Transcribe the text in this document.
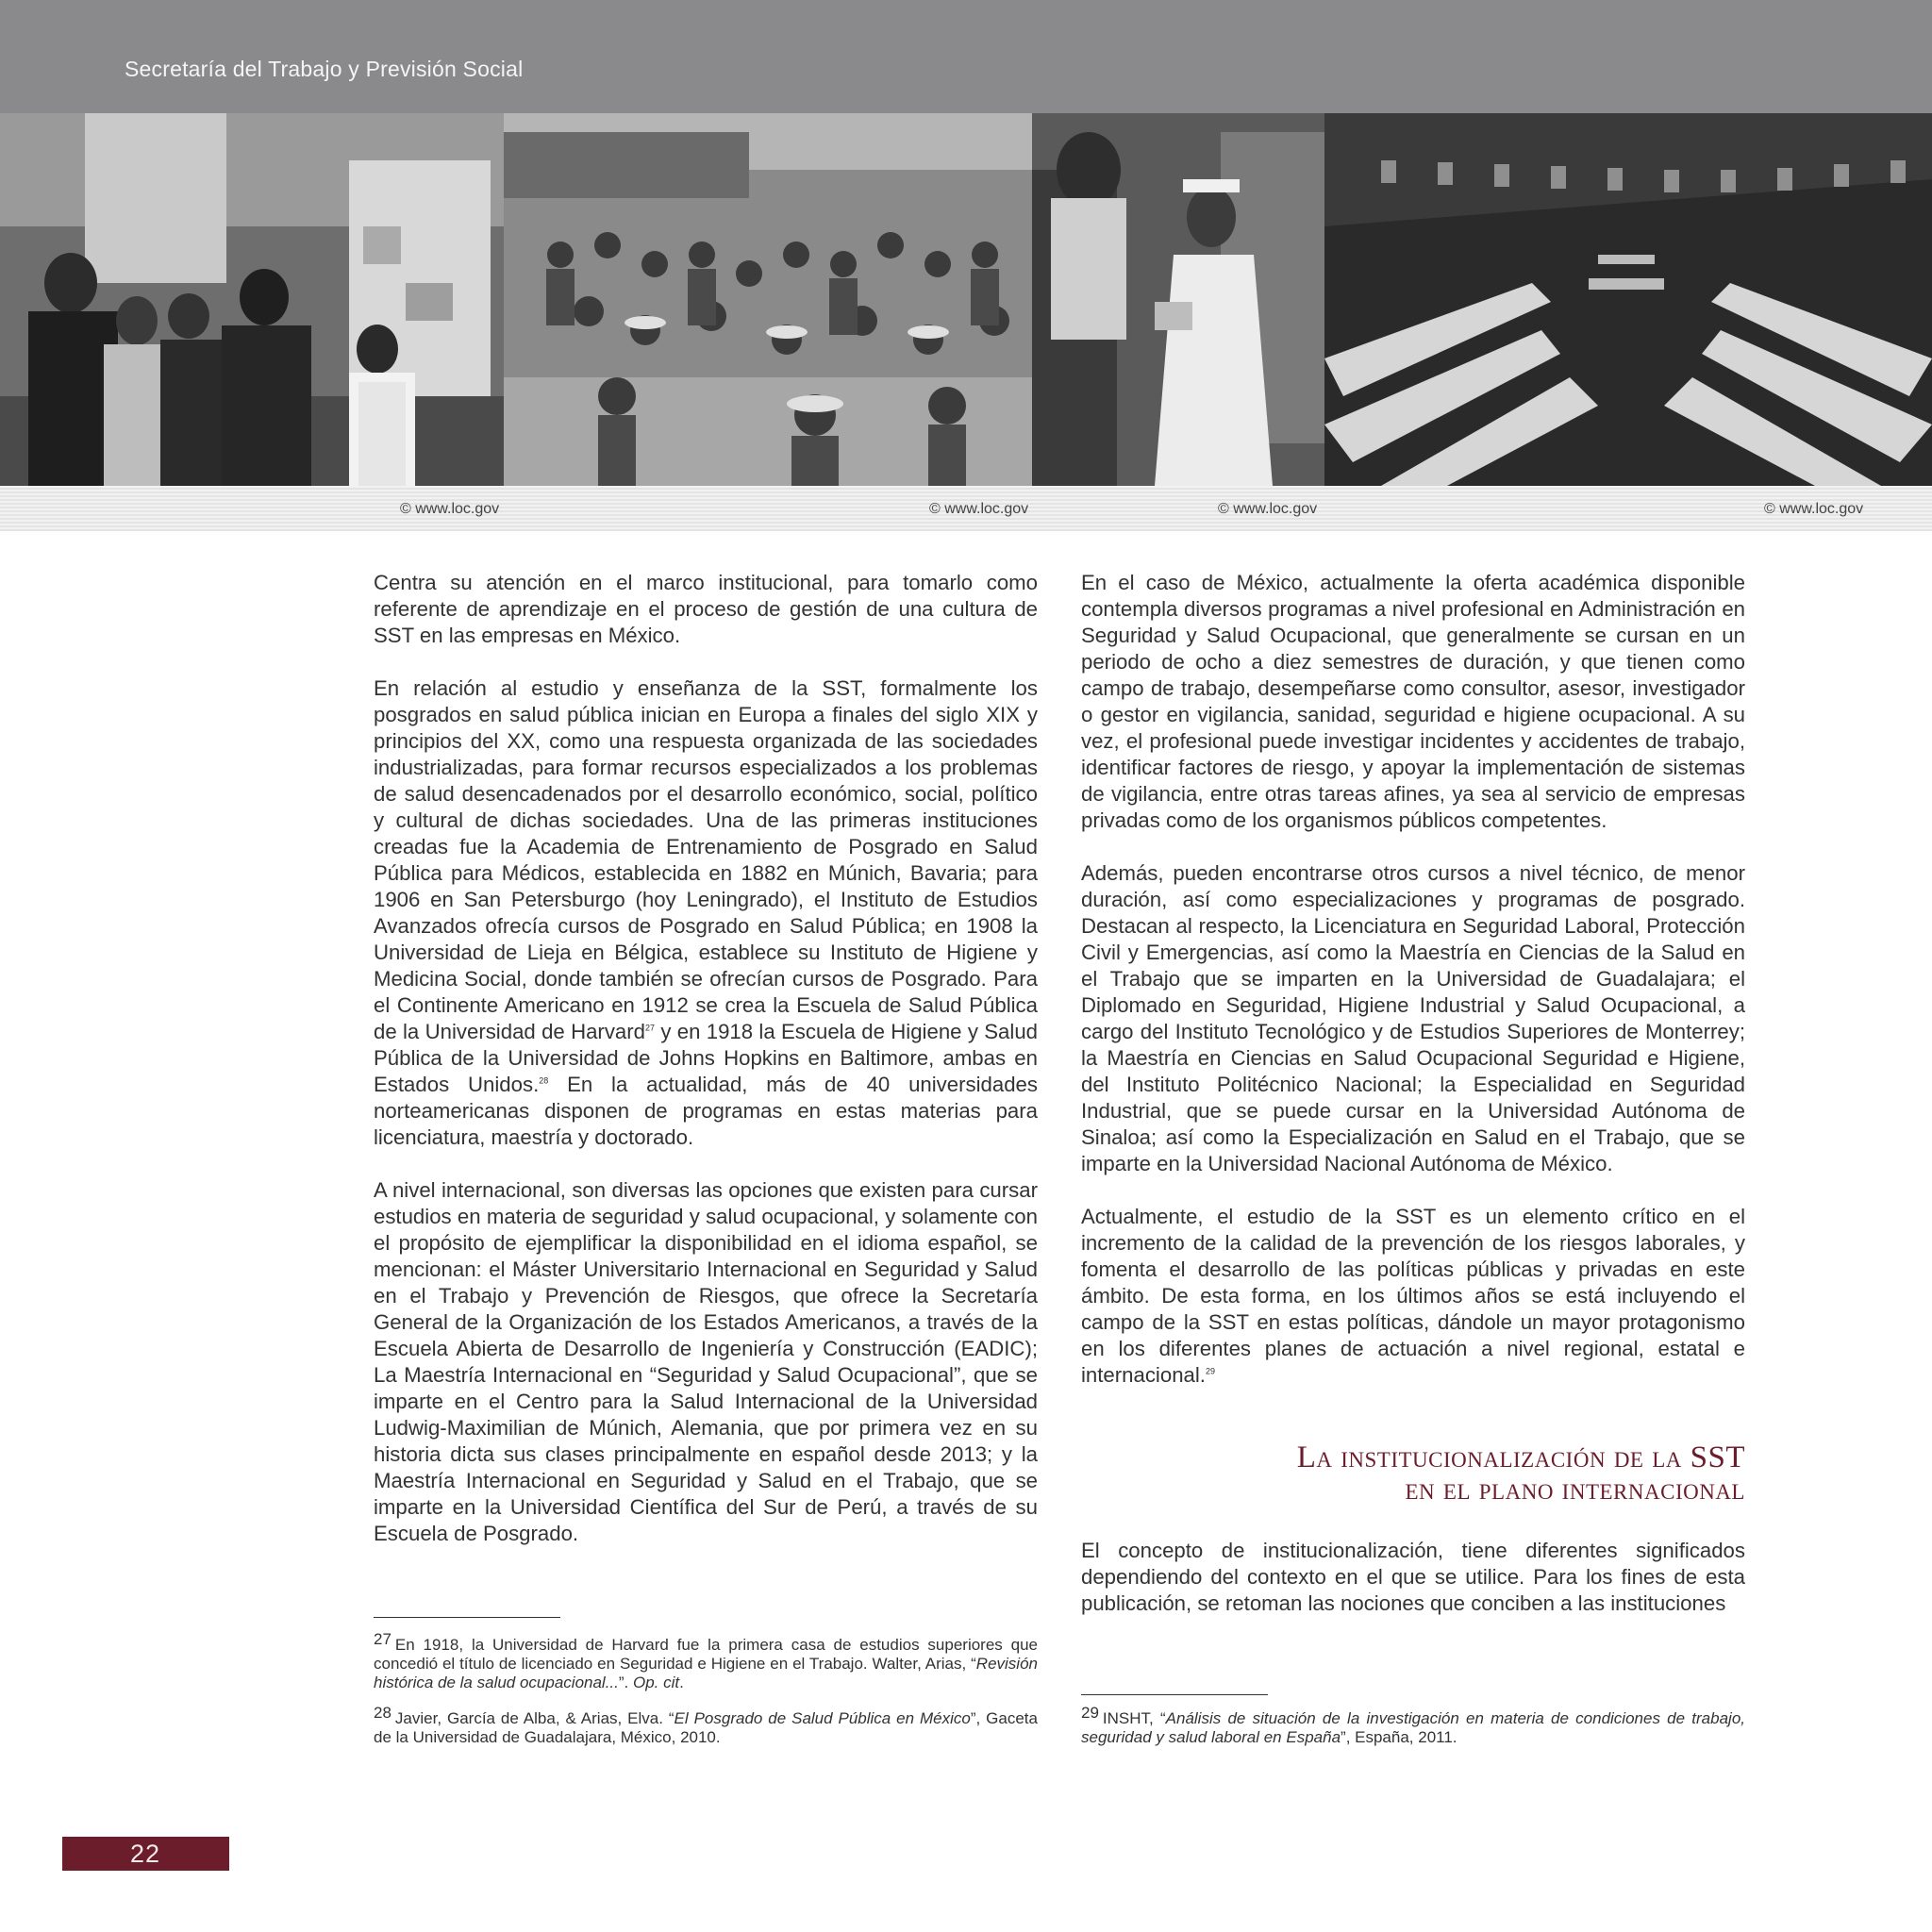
Secretaría del Trabajo y Previsión Social
© www.loc.gov	© www.loc.gov	© www.loc.gov	© www.loc.gov

Centra su atención en el marco institucional, para tomarlo como referente de aprendizaje en el proceso de gestión de una cultura de SST en las empresas en México.

En relación al estudio y enseñanza de la SST, formalmente los posgrados en salud pública inician en Europa a finales del siglo XIX y principios del XX, como una respuesta organizada de las sociedades industrializadas, para formar recursos especializados a los problemas de salud desencadenados por el desarrollo económico, social, político y cultural de dichas sociedades. Una de las primeras instituciones creadas fue la Academia de Entrenamiento de Posgrado en Salud Pública para Médicos, establecida en 1882 en Múnich, Bavaria; para 1906 en San Petersburgo (hoy Leningrado), el Instituto de Estudios Avanzados ofrecía cursos de Posgrado en Salud Pública; en 1908 la Universidad de Lieja en Bélgica, establece su Instituto de Higiene y Medicina Social, donde también se ofrecían cursos de Posgrado. Para el Continente Americano en 1912 se crea la Escuela de Salud Pública de la Universidad de Harvard$^{27}$ y en 1918 la Escuela de Higiene y Salud Pública de la Universidad de Johns Hopkins en Baltimore, ambas en Estados Unidos.$^{28}$ En la actualidad, más de 40 universidades norteamericanas disponen de programas en estas materias para licenciatura, maestría y doctorado.

A nivel internacional, son diversas las opciones que existen para cursar estudios en materia de seguridad y salud ocupacional, y solamente con el propósito de ejemplificar la disponibilidad en el idioma español, se mencionan: el Máster Universitario Internacional en Seguridad y Salud en el Trabajo y Prevención de Riesgos, que ofrece la Secretaría General de la Organización de los Estados Americanos, a través de la Escuela Abierta de Desarrollo de Ingeniería y Construcción (EADIC); La Maestría Internacional en “Seguridad y Salud Ocupacional”, que se imparte en el Centro para la Salud Internacional de la Universidad Ludwig-Maximilian de Múnich, Alemania, que por primera vez en su historia dicta sus clases principalmente en español desde 2013; y la Maestría Internacional en Seguridad y Salud en el Trabajo, que se imparte en la Universidad Científica del Sur de Perú, a través de su Escuela de Posgrado.

En el caso de México, actualmente la oferta académica disponible contempla diversos programas a nivel profesional en Administración en Seguridad y Salud Ocupacional, que generalmente se cursan en un periodo de ocho a diez semestres de duración, y que tienen como campo de trabajo, desempeñarse como consultor, asesor, investigador o gestor en vigilancia, sanidad, seguridad e higiene ocupacional. A su vez, el profesional puede investigar incidentes y accidentes de trabajo, identificar factores de riesgo, y apoyar la implementación de sistemas de vigilancia, entre otras tareas afines, ya sea al servicio de empresas privadas como de los organismos públicos competentes.

Además, pueden encontrarse otros cursos a nivel técnico, de menor duración, así como especializaciones y programas de posgrado. Destacan al respecto, la Licenciatura en Seguridad Laboral, Protección Civil y Emergencias, así como la Maestría en Ciencias de la Salud en el Trabajo que se imparten en la Universidad de Guadalajara; el Diplomado en Seguridad, Higiene Industrial y Salud Ocupacional, a cargo del Instituto Tecnológico y de Estudios Superiores de Monterrey; la Maestría en Ciencias en Salud Ocupacional Seguridad e Higiene, del Instituto Politécnico Nacional; la Especialidad en Seguridad Industrial, que se puede cursar en la Universidad Autónoma de Sinaloa; así como la Especialización en Salud en el Trabajo, que se imparte en la Universidad Nacional Autónoma de México.

Actualmente, el estudio de la SST es un elemento crítico en el incremento de la calidad de la prevención de los riesgos laborales, y fomenta el desarrollo de las políticas públicas y privadas en este ámbito. De esta forma, en los últimos años se está incluyendo el campo de la SST en estas políticas, dándole un mayor protagonismo en los diferentes planes de actuación a nivel regional, estatal e internacional.$^{29}$

La institucionalización de la SST
en el plano internacional

El concepto de institucionalización, tiene diferentes significados dependiendo del contexto en el que se utilice. Para los fines de esta publicación, se retoman las nociones que conciben a las instituciones

27 En 1918, la Universidad de Harvard fue la primera casa de estudios superiores que concedió el título de licenciado en Seguridad e Higiene en el Trabajo. Walter, Arias, “Revisión histórica de la salud ocupacional...”. Op. cit.
28 Javier, García de Alba, & Arias, Elva. “El Posgrado de Salud Pública en México”, Gaceta de la Universidad de Guadalajara, México, 2010.
29 INSHT, “Análisis de situación de la investigación en materia de condiciones de trabajo, seguridad y salud laboral en España”, España, 2011.
22
